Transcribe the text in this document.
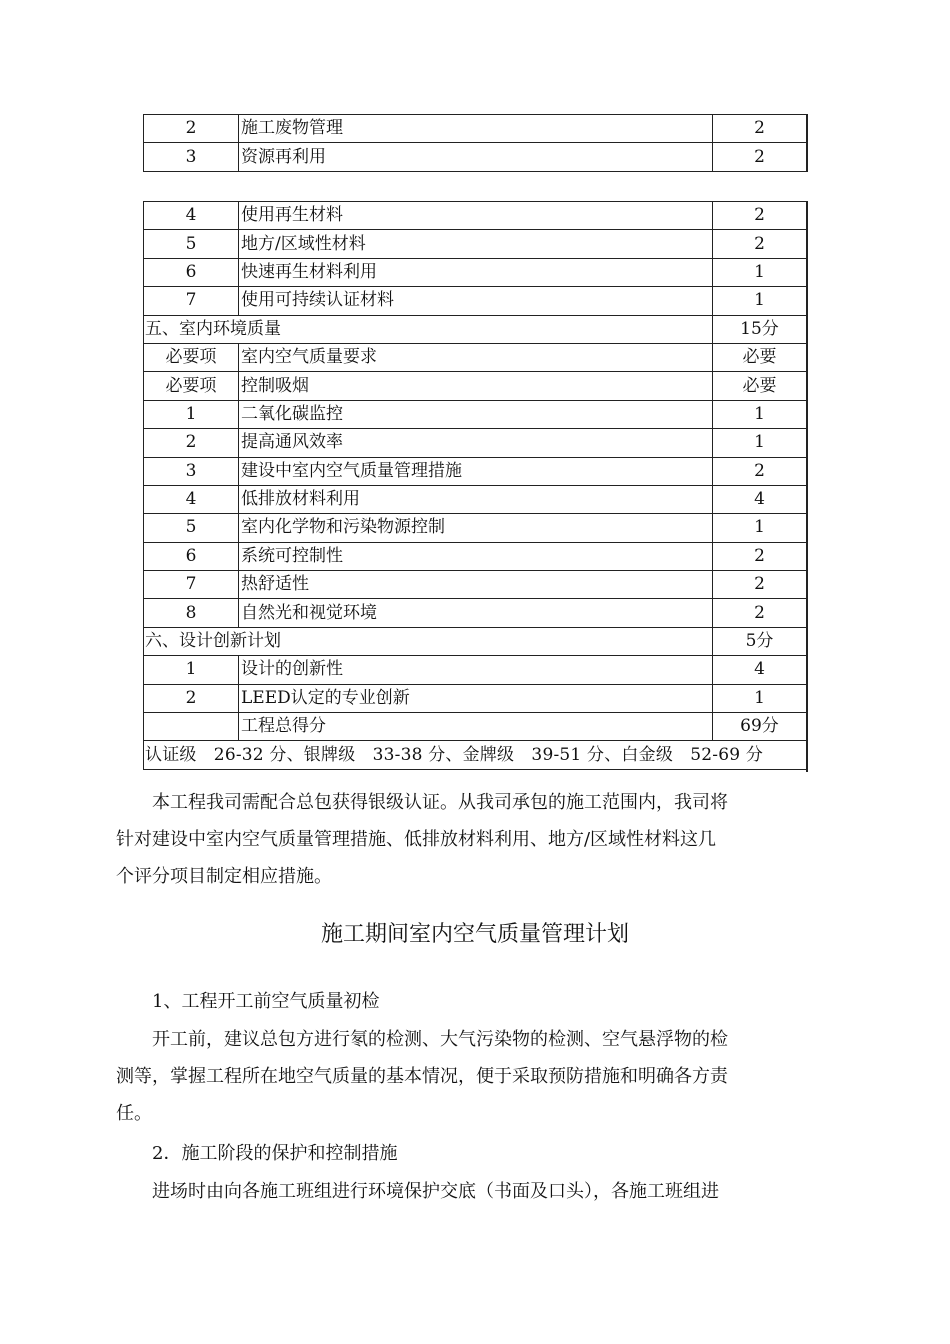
2	施工废物管理	2
3	资源再利用	2

4	使用再生材料	2
5	地方/区域性材料	2
6	快速再生材料利用	1
7	使用可持续认证材料	1
五、室内环境质量		15分
必要项	室内空气质量要求	必要
必要项	控制吸烟	必要
1	二氧化碳监控	1
2	提高通风效率	1
3	建设中室内空气质量管理措施	2
4	低排放材料利用	4
5	室内化学物和污染物源控制	1
6	系统可控制性	2
7	热舒适性	2
8	自然光和视觉环境	2
六、设计创新计划		5分
1	设计的创新性	4
2	LEED认定的专业创新	1
	工程总得分	69分
认证级　26-32 分、银牌级　33-38 分、金牌级　39-51 分、白金级　52-69 分		

本工程我司需配合总包获得银级认证。从我司承包的施工范围内，我司将
针对建设中室内空气质量管理措施、低排放材料利用、地方/区域性材料这几
个评分项目制定相应措施。

施工期间室内空气质量管理计划

1、工程开工前空气质量初检

开工前，建议总包方进行氡的检测、大气污染物的检测、空气悬浮物的检
测等，掌握工程所在地空气质量的基本情况，便于采取预防措施和明确各方责
任。

2．施工阶段的保护和控制措施

进场时由向各施工班组进行环境保护交底（书面及口头），各施工班组进
